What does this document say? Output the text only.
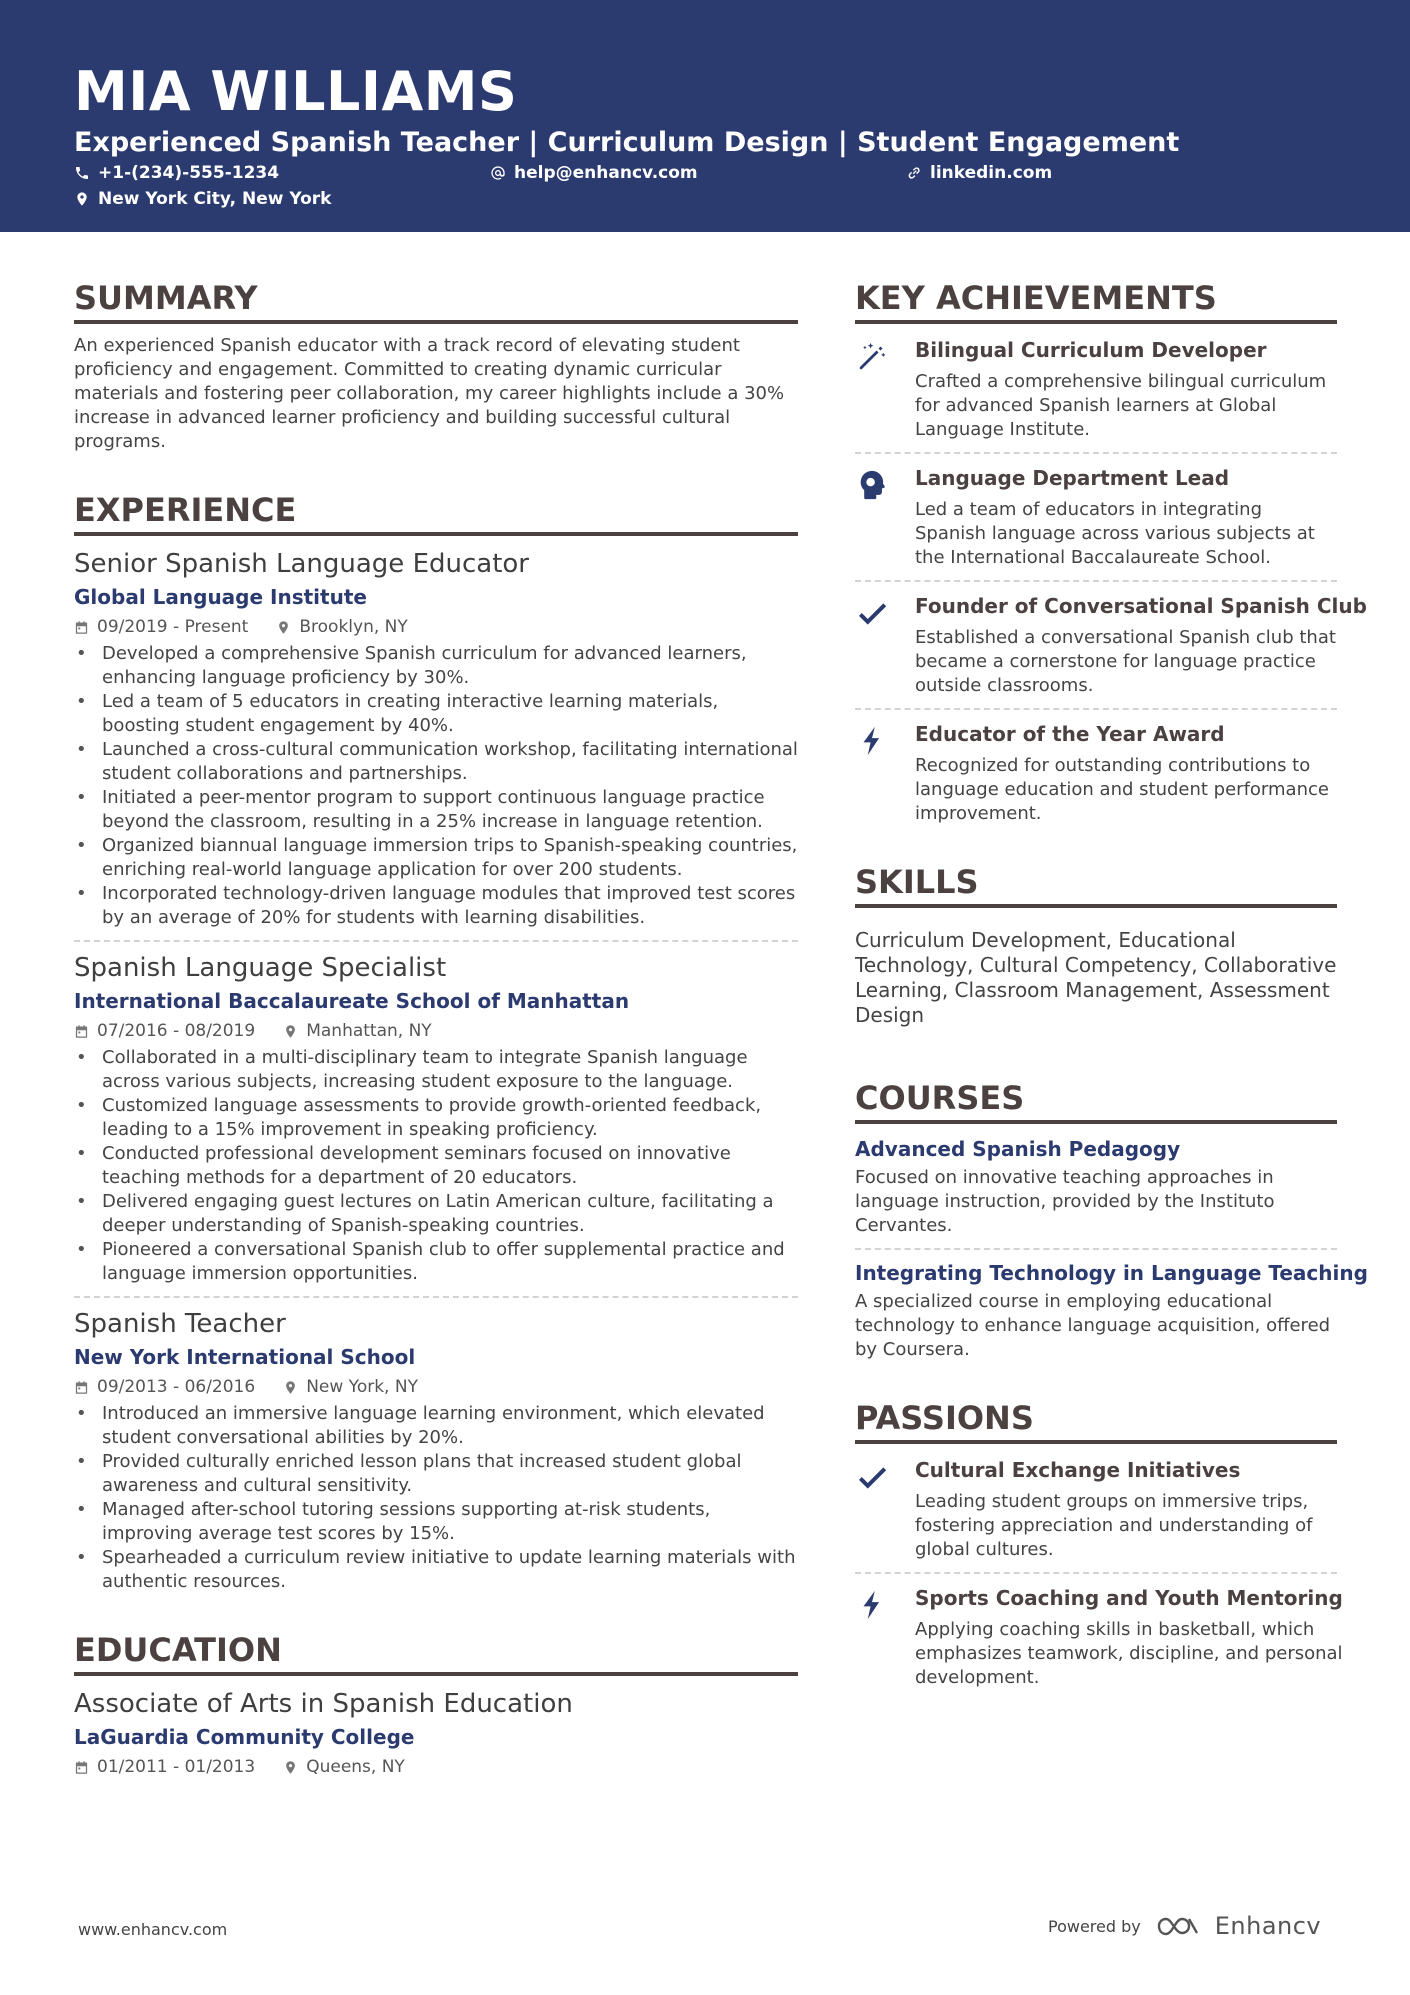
MIA WILLIAMS
Experienced Spanish Teacher | Curriculum Design | Student Engagement
+1-(234)-555-1234	help@enhancv.com	linkedin.com
New York City, New York
SUMMARY
An experienced Spanish educator with a track record of elevating student proficiency and engagement. Committed to creating dynamic curricular materials and fostering peer collaboration, my career highlights include a 30% increase in advanced learner proficiency and building successful cultural programs.
EXPERIENCE
Senior Spanish Language Educator
Global Language Institute
09/2019 - Present	Brooklyn, NY
• Developed a comprehensive Spanish curriculum for advanced learners, enhancing language proficiency by 30%.
• Led a team of 5 educators in creating interactive learning materials, boosting student engagement by 40%.
• Launched a cross-cultural communication workshop, facilitating international student collaborations and partnerships.
• Initiated a peer-mentor program to support continuous language practice beyond the classroom, resulting in a 25% increase in language retention.
• Organized biannual language immersion trips to Spanish-speaking countries, enriching real-world language application for over 200 students.
• Incorporated technology-driven language modules that improved test scores by an average of 20% for students with learning disabilities.
Spanish Language Specialist
International Baccalaureate School of Manhattan
07/2016 - 08/2019	Manhattan, NY
• Collaborated in a multi-disciplinary team to integrate Spanish language across various subjects, increasing student exposure to the language.
• Customized language assessments to provide growth-oriented feedback, leading to a 15% improvement in speaking proficiency.
• Conducted professional development seminars focused on innovative teaching methods for a department of 20 educators.
• Delivered engaging guest lectures on Latin American culture, facilitating a deeper understanding of Spanish-speaking countries.
• Pioneered a conversational Spanish club to offer supplemental practice and language immersion opportunities.
Spanish Teacher
New York International School
09/2013 - 06/2016	New York, NY
• Introduced an immersive language learning environment, which elevated student conversational abilities by 20%.
• Provided culturally enriched lesson plans that increased student global awareness and cultural sensitivity.
• Managed after-school tutoring sessions supporting at-risk students, improving average test scores by 15%.
• Spearheaded a curriculum review initiative to update learning materials with authentic resources.
EDUCATION
Associate of Arts in Spanish Education
LaGuardia Community College
01/2011 - 01/2013	Queens, NY
KEY ACHIEVEMENTS
Bilingual Curriculum Developer
Crafted a comprehensive bilingual curriculum for advanced Spanish learners at Global Language Institute.
Language Department Lead
Led a team of educators in integrating Spanish language across various subjects at the International Baccalaureate School.
Founder of Conversational Spanish Club
Established a conversational Spanish club that became a cornerstone for language practice outside classrooms.
Educator of the Year Award
Recognized for outstanding contributions to language education and student performance improvement.
SKILLS
Curriculum Development, Educational Technology, Cultural Competency, Collaborative Learning, Classroom Management, Assessment Design
COURSES
Advanced Spanish Pedagogy
Focused on innovative teaching approaches in language instruction, provided by the Instituto Cervantes.
Integrating Technology in Language Teaching
A specialized course in employing educational technology to enhance language acquisition, offered by Coursera.
PASSIONS
Cultural Exchange Initiatives
Leading student groups on immersive trips, fostering appreciation and understanding of global cultures.
Sports Coaching and Youth Mentoring
Applying coaching skills in basketball, which emphasizes teamwork, discipline, and personal development.
www.enhancv.com	Powered by	Enhancv
